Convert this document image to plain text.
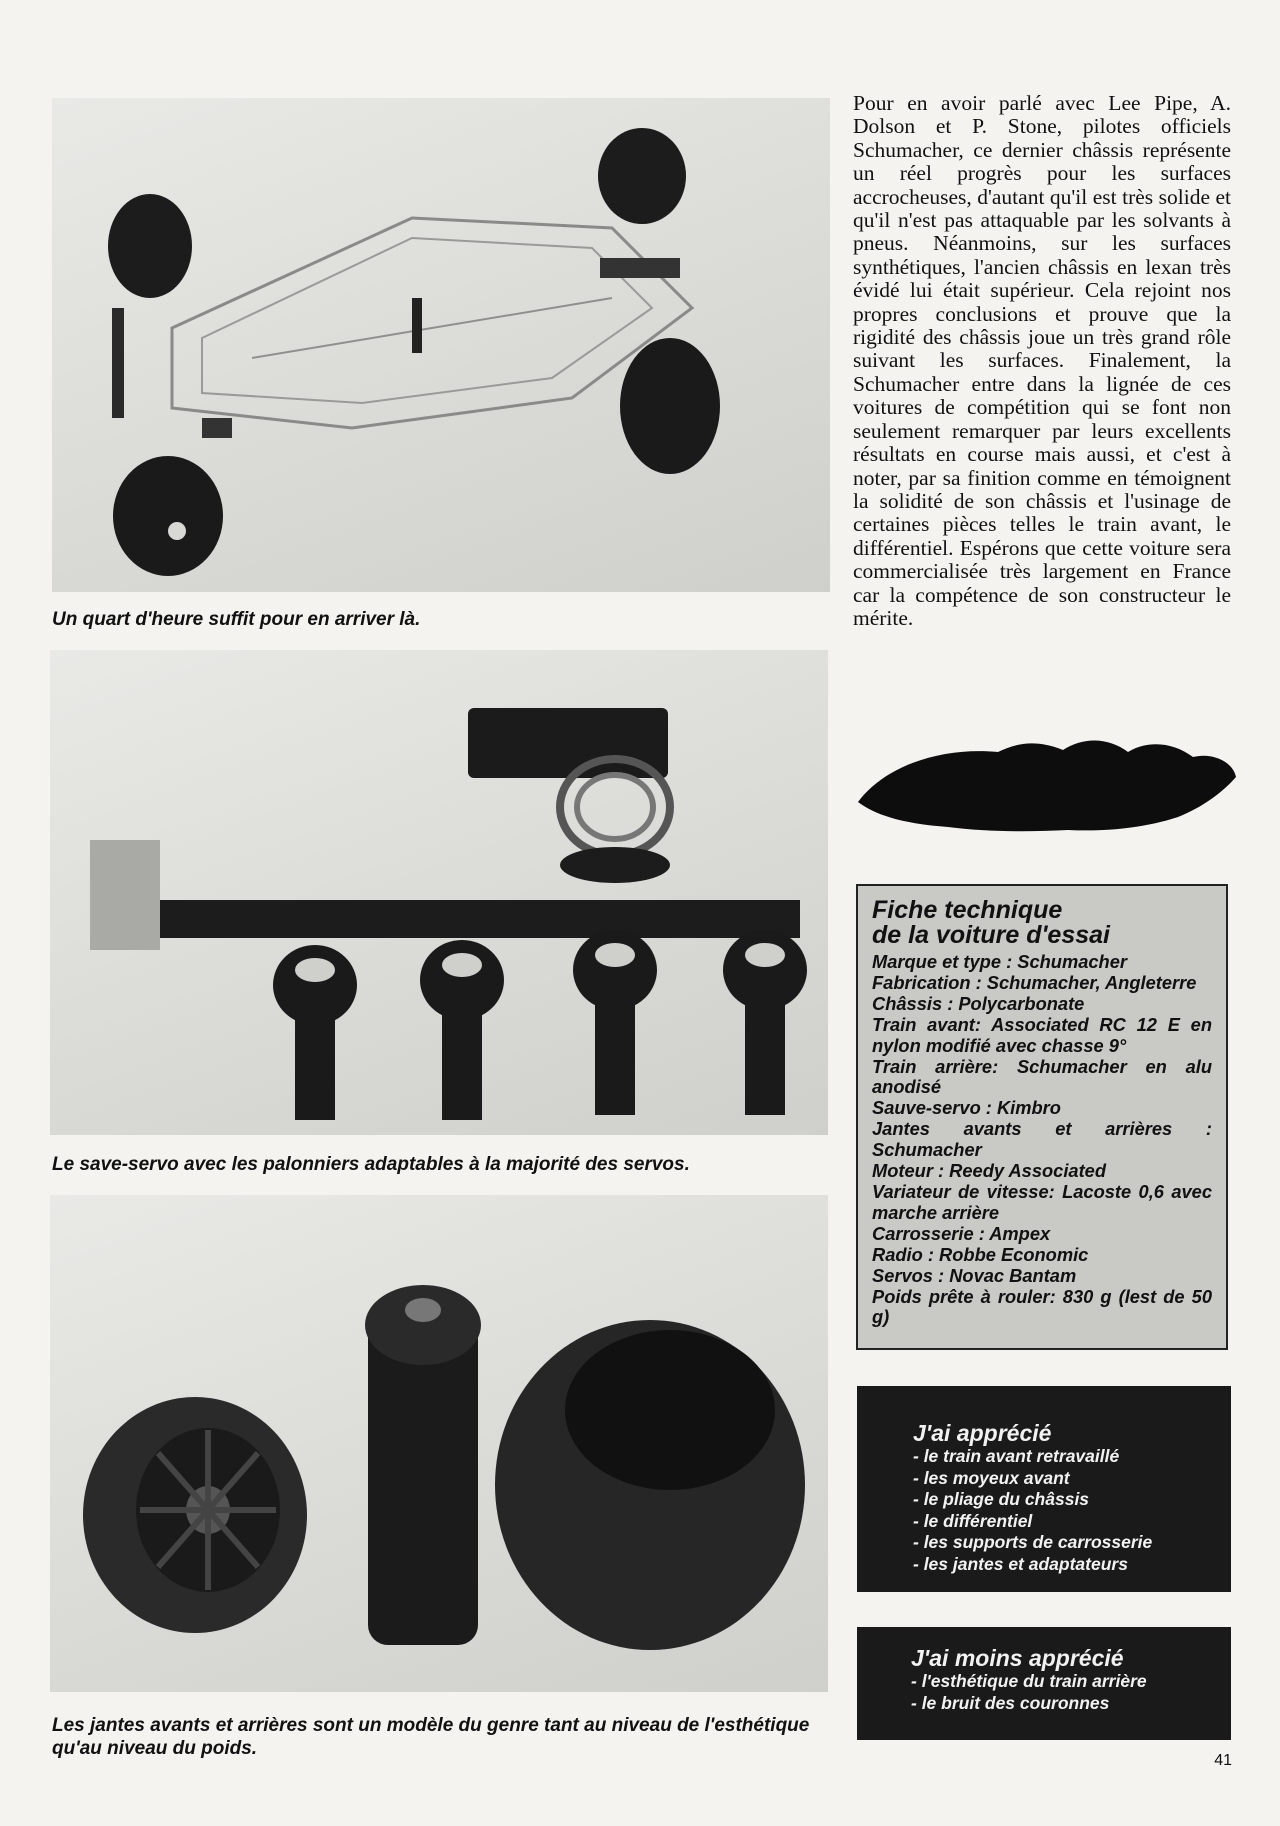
Un quart d'heure suffit pour en arriver là.
Le save-servo avec les palonniers adaptables à la majorité des servos.
Les jantes avants et arrières sont un modèle du genre tant au niveau de l'esthétique qu'au niveau du poids.

Pour en avoir parlé avec Lee Pipe, A. Dolson et P. Stone, pilotes officiels Schumacher, ce dernier châssis représente un réel progrès pour les surfaces accrocheuses, d'autant qu'il est très solide et qu'il n'est pas attaquable par les solvants à pneus. Néanmoins, sur les surfaces synthétiques, l'ancien châssis en lexan très évidé lui était supérieur. Cela rejoint nos propres conclusions et prouve que la rigidité des châssis joue un très grand rôle suivant les surfaces. Finalement, la Schumacher entre dans la lignée de ces voitures de compétition qui se font non seulement remarquer par leurs excellents résultats en course mais aussi, et c'est à noter, par sa finition comme en témoignent la solidité de son châssis et l'usinage de certaines pièces telles le train avant, le différentiel. Espérons que cette voiture sera commercialisée très largement en France car la compétence de son constructeur le mérite.

Fiche technique
de la voiture d'essai
Marque et type : Schumacher
Fabrication : Schumacher, Angleterre
Châssis : Polycarbonate
Train avant: Associated RC 12 E en nylon modifié avec chasse 9°
Train arrière: Schumacher en alu anodisé
Sauve-servo : Kimbro
Jantes avants et arrières : Schumacher
Moteur : Reedy Associated
Variateur de vitesse: Lacoste 0,6 avec marche arrière
Carrosserie : Ampex
Radio : Robbe Economic
Servos : Novac Bantam
Poids prête à rouler: 830 g (lest de 50 g)
J'ai apprécié
- le train avant retravaillé
- les moyeux avant
- le pliage du châssis
- le différentiel
- les supports de carrosserie
- les jantes et adaptateurs
J'ai moins apprécié
- l'esthétique du train arrière
- le bruit des couronnes
41
